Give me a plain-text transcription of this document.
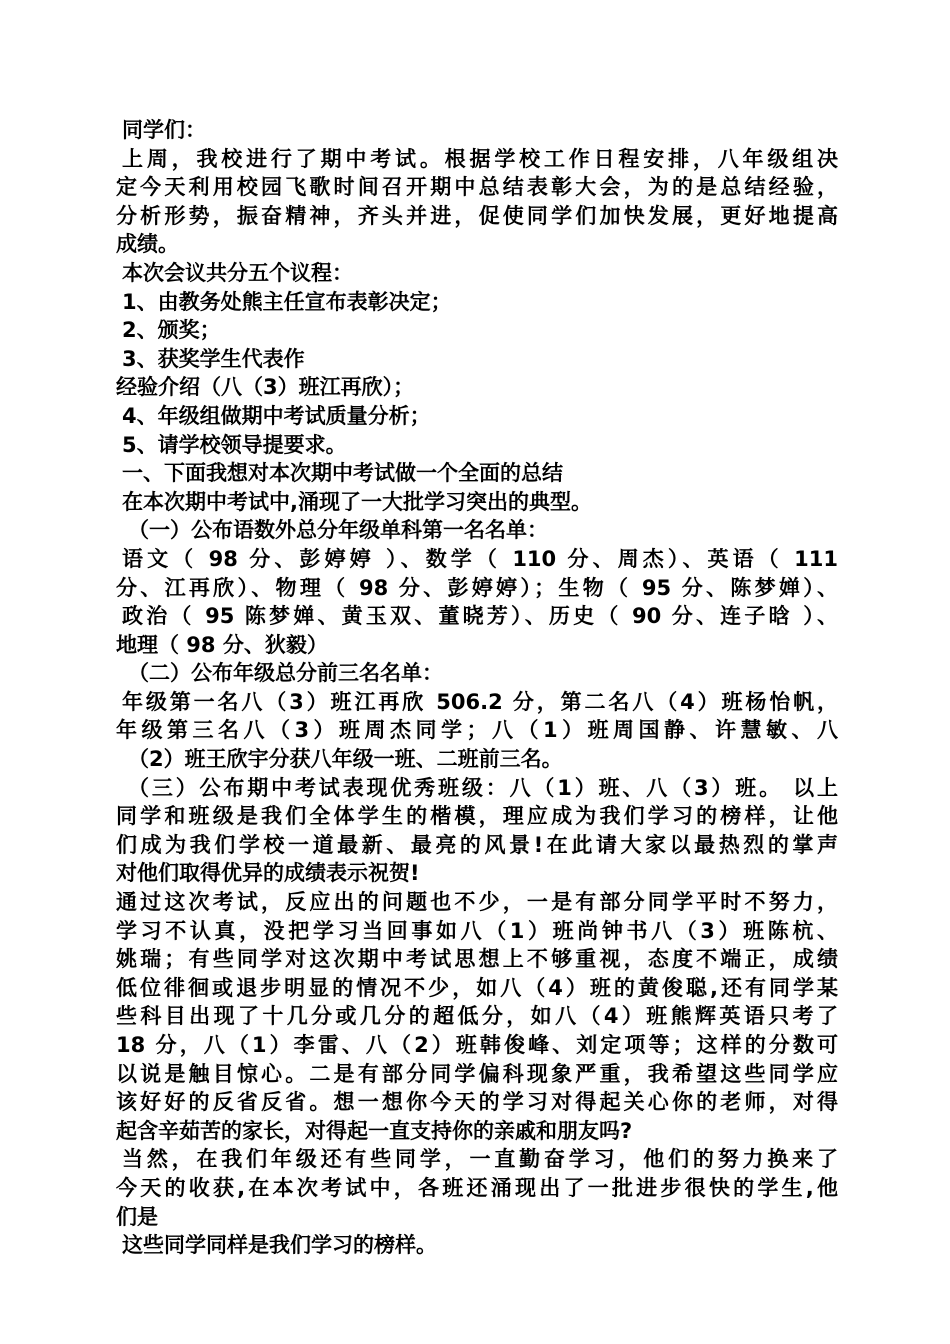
同学们：
上周，我校进行了期中考试。根据学校工作日程安排，八年级组决
定今天利用校园飞歌时间召开期中总结表彰大会，为的是总结经验，
分析形势，振奋精神，齐头并进，促使同学们加快发展，更好地提高
成绩。
本次会议共分五个议程：
1、由教务处熊主任宣布表彰决定；
2、颁奖；
3、获奖学生代表作
经验介绍（八（3）班江再欣）；
4、年级组做期中考试质量分析；
5、请学校领导提要求。
一、下面我想对本次期中考试做一个全面的总结
在本次期中考试中,涌现了一大批学习突出的典型。
（一）公布语数外总分年级单科第一名名单：
语文（ 98 分、彭婷婷 ）、数学（ 110 分、周杰）、英语（ 111
分、江再欣）、物理（ 98 分、彭婷婷）；生物（ 95 分、陈梦婵）、
政治（ 95 陈梦婵、黄玉双、董晓芳）、历史（ 90 分、连子晗 ）、
地理（ 98 分、狄毅）
（二）公布年级总分前三名名单：
年级第一名八（3）班江再欣 506.2 分，第二名八（4）班杨怡帆，
年级第三名八（3）班周杰同学；八（1）班周国静、许慧敏、八
（2）班王欣宇分获八年级一班、二班前三名。
（三）公布期中考试表现优秀班级：八（1）班、八（3）班。 以上
同学和班级是我们全体学生的楷模，理应成为我们学习的榜样，让他
们成为我们学校一道最新、最亮的风景!在此请大家以最热烈的掌声
对他们取得优异的成绩表示祝贺!
通过这次考试，反应出的问题也不少，一是有部分同学平时不努力，
学习不认真，没把学习当回事如八（1）班尚钟书八（3）班陈杭、
姚瑞；有些同学对这次期中考试思想上不够重视，态度不端正，成绩
低位徘徊或退步明显的情况不少，如八（4）班的黄俊聪,还有同学某
些科目出现了十几分或几分的超低分，如八（4）班熊辉英语只考了
18 分，八（1）李雷、八（2）班韩俊峰、刘定项等；这样的分数可
以说是触目惊心。二是有部分同学偏科现象严重，我希望这些同学应
该好好的反省反省。想一想你今天的学习对得起关心你的老师，对得
起含辛茹苦的家长，对得起一直支持你的亲戚和朋友吗?
当然，在我们年级还有些同学，一直勤奋学习，他们的努力换来了
今天的收获,在本次考试中，各班还涌现出了一批进步很快的学生,他
们是
这些同学同样是我们学习的榜样。
